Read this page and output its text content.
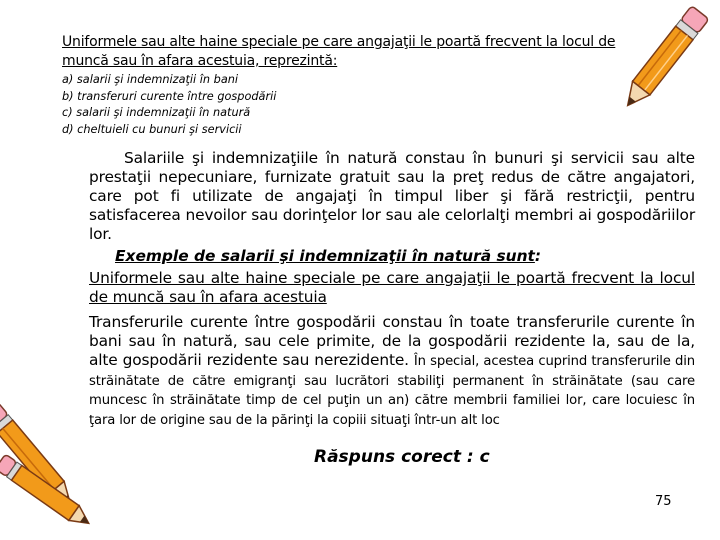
Uniformele sau alte haine speciale pe care angajaţii le poartă frecvent la locul de muncă sau în afara acestuia, reprezintă:
a) salarii şi indemnizaţii în bani
b) transferuri curente între gospodării
c) salarii şi indemnizaţii în natură
d) cheltuieli cu bunuri şi servicii
Salariile şi indemnizaţiile în natură constau în bunuri şi servicii sau alte prestaţii nepecuniare, furnizate gratuit sau la preţ redus de către angajatori, care pot fi utilizate de angajaţi în timpul liber şi fără restricţii, pentru satisfacerea nevoilor sau dorinţelor lor sau ale celorlalţi membri ai gospodăriilor lor.
Exemple de salarii şi indemnizaţii în natură sunt:
Uniformele sau alte haine speciale pe care angajaţii le poartă frecvent la locul de muncă sau în afara acestuia
Transferurile curente între gospodării constau în toate transferurile curente în bani sau în natură, sau cele primite, de la gospodării rezidente la, sau de la, alte gospodării rezidente sau nerezidente. În special, acestea cuprind transferurile din străinătate de către emigranţi sau lucrători stabiliţi permanent în străinătate (sau care muncesc în străinătate timp de cel puţin un an) către membrii familiei lor, care locuiesc în ţara lor de origine sau de la părinţi la copiii situaţi într-un alt loc
Răspuns corect : c
75
